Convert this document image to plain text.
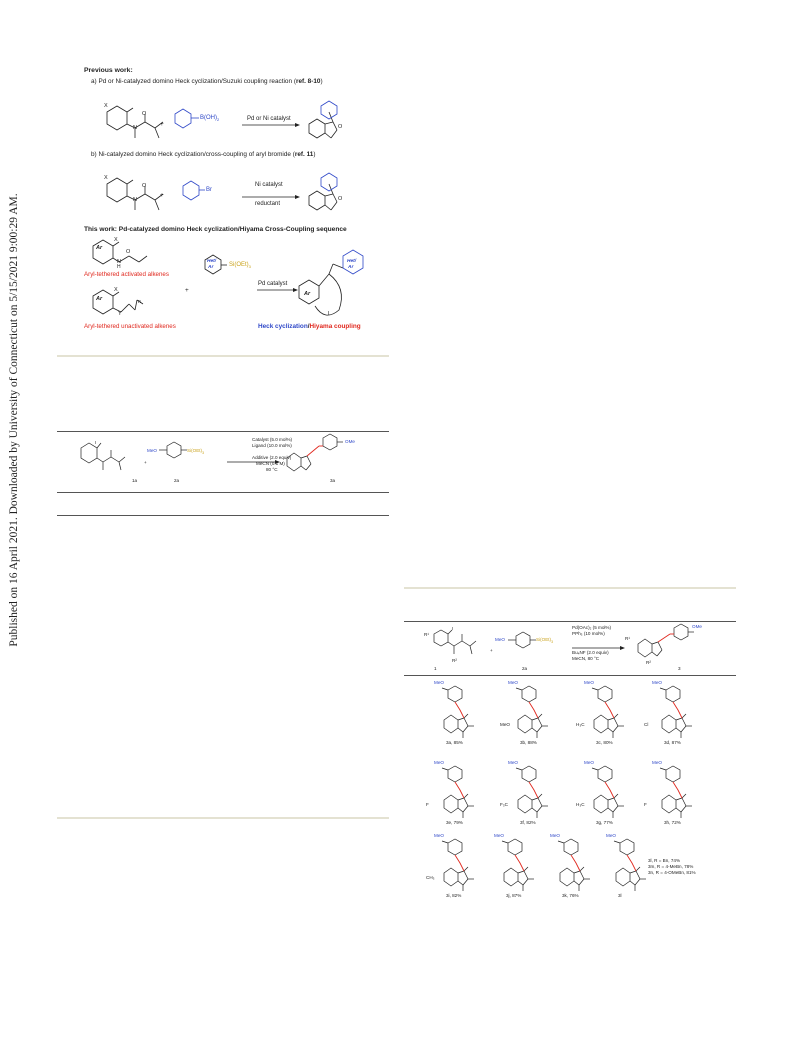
Published on 16 April 2021. Downloaded by University of Connecticut on 5/15/2021 9:00:29 AM.
Previous work:
a) Pd or Ni-catalyzed domino Heck cyclization/Suzuki coupling reaction (ref. 8-10)
X
N
O
+
$B(OH)_2$	Pd or Ni catalyst
O
b) Ni-catalyzed domino Heck cyclization/cross-coupling of aryl bromide (ref. 11)
X
N
O
+
Br
Ni catalyst
reductant
O
This work: Pd-catalyzed domino Heck cyclization/Hiyama Cross-Coupling sequence
Ar
X
N
H
O
Aryl-tethered activated alkenes
Ar
X
Y
n
Aryl-tethered unactivated alkenes
+
Het/
Ar	$Si(OEt)_3$
Pd catalyst
Ar
Het/
Ar
L
Heck cyclization/Hiyama coupling
I
1a
+
MeO	$Si(OEt)_3$
2a
Catalyst (5.0 mol%)
Ligand (10.0 mol%)
Additive (2.0 equiv)
MeCN (0.1 M)
80 °C
OMe
3a
R¹
I
R²
1
+
MeO	$Si(OEt)_3$
2a
Pd(OAc)₂ (5 mol%)
PPh₃ (10 mol%)
Bu₄NF (2.0 equiv)
MeCN, 80 °C
R¹
R²
OMe
3
MeO
3a, 85%
MeO
MeO
3b, 88%
MeO
H₃C
3c, 80%
MeO
Cl
3d, 87%
MeO
F
3e, 79%
MeO
F₃C
3f, 82%
MeO
H₃C
3g, 77%
MeO
F
3h, 72%
MeO
CH₃
3i, 82%
MeO
3j, 87%
MeO
3k, 76%
MeO
3l
3l, R = Bn, 74%
3m, R = 4-MeBn, 78%
3n, R = 4-OMeBn, 81%
